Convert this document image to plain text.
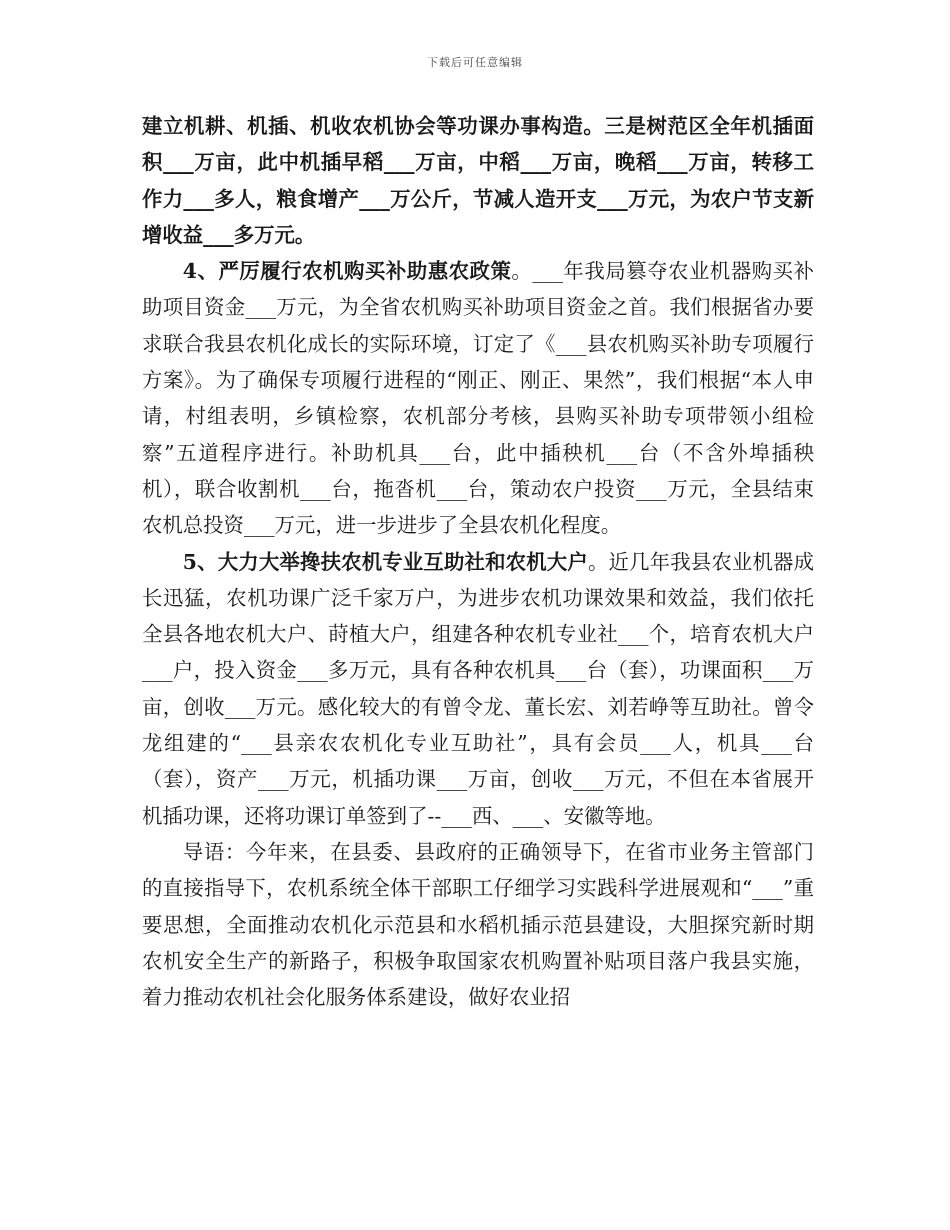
下载后可任意编辑

建立机耕、机插、机收农机协会等功课办事构造。三是树范区全年机插面积___万亩，此中机插早稻___万亩，中稻___万亩，晚稻___万亩，转移工作力___多人，粮食增产___万公斤，节减人造开支___万元，为农户节支新增收益___多万元。

4、严厉履行农机购买补助惠农政策。___年我局篡夺农业机器购买补助项目资金___万元，为全省农机购买补助项目资金之首。我们根据省办要求联合我县农机化成长的实际环境，订定了《___县农机购买补助专项履行方案》。为了确保专项履行进程的“刚正、刚正、果然”，我们根据“本人申请，村组表明，乡镇检察，农机部分考核，县购买补助专项带领小组检察”五道程序进行。补助机具___台，此中插秧机___台（不含外埠插秧机），联合收割机___台，拖沓机___台，策动农户投资___万元，全县结束农机总投资___万元，进一步进步了全县农机化程度。

5、大力大举搀扶农机专业互助社和农机大户。近几年我县农业机器成长迅猛，农机功课广泛千家万户，为进步农机功课效果和效益，我们依托全县各地农机大户、莳植大户，组建各种农机专业社___个，培育农机大户___户，投入资金___多万元，具有各种农机具___台（套），功课面积___万亩，创收___万元。感化较大的有曾令龙、董长宏、刘若峥等互助社。曾令龙组建的“___县亲农农机化专业互助社”，具有会员___人，机具___台（套），资产___万元，机插功课___万亩，创收___万元，不但在本省展开机插功课，还将功课订单签到了--___西、___、安徽等地。

导语：今年来，在县委、县政府的正确领导下，在省市业务主管部门的直接指导下，农机系统全体干部职工仔细学习实践科学进展观和“___”重要思想，全面推动农机化示范县和水稻机插示范县建设，大胆探究新时期农机安全生产的新路子，积极争取国家农机购置补贴项目落户我县实施，着力推动农机社会化服务体系建设，做好农业招
